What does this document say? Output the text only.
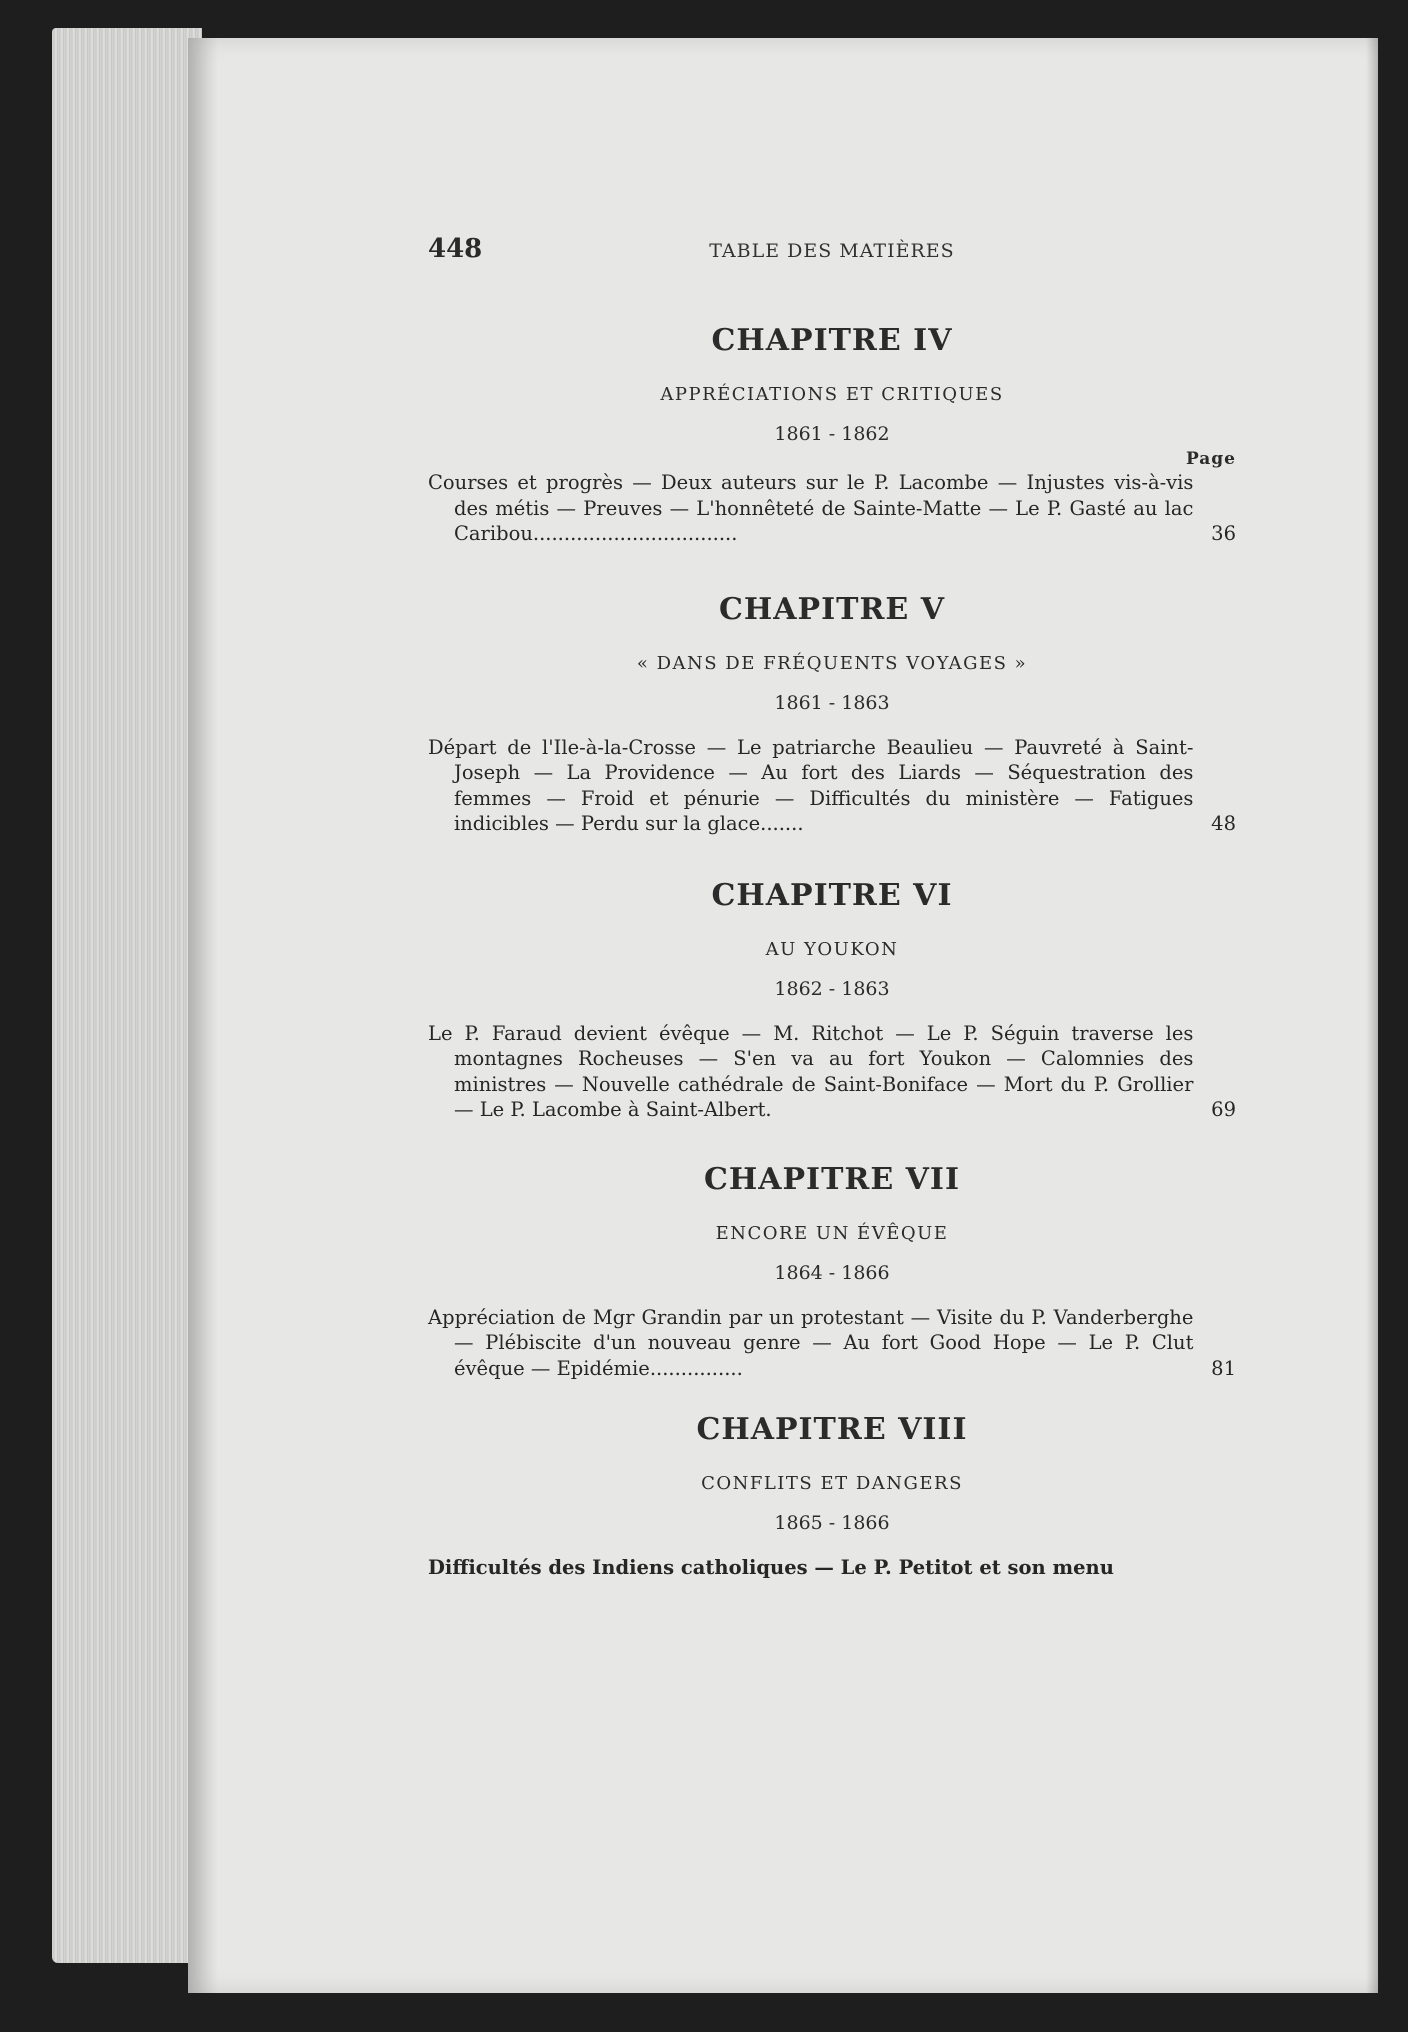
448	TABLE DES MATIÈRES
CHAPITRE IV
APPRÉCIATIONS ET CRITIQUES
1861 - 1862
Page
Courses et progrès — Deux auteurs sur le P. Lacombe — Injustes vis-à-vis des métis — Preuves — L'honnêteté de Sainte-Matte — Le P. Gasté au lac Caribou.................................	36
CHAPITRE V
« DANS DE FRÉQUENTS VOYAGES »
1861 - 1863
Départ de l'Ile-à-la-Crosse — Le patriarche Beaulieu — Pauvreté à Saint-Joseph — La Providence — Au fort des Liards — Séquestration des femmes — Froid et pénurie — Difficultés du ministère — Fatigues indicibles — Perdu sur la glace.......	48
CHAPITRE VI
AU YOUKON
1862 - 1863
Le P. Faraud devient évêque — M. Ritchot — Le P. Séguin traverse les montagnes Rocheuses — S'en va au fort Youkon — Calomnies des ministres — Nouvelle cathédrale de Saint-Boniface — Mort du P. Grollier — Le P. Lacombe à Saint-Albert.	69
CHAPITRE VII
ENCORE UN ÉVÊQUE
1864 - 1866
Appréciation de Mgr Grandin par un protestant — Visite du P. Vanderberghe — Plébiscite d'un nouveau genre — Au fort Good Hope — Le P. Clut évêque — Epidémie...............	81
CHAPITRE VIII
CONFLITS ET DANGERS
1865 - 1866
Difficultés des Indiens catholiques — Le P. Petitot et son menu
